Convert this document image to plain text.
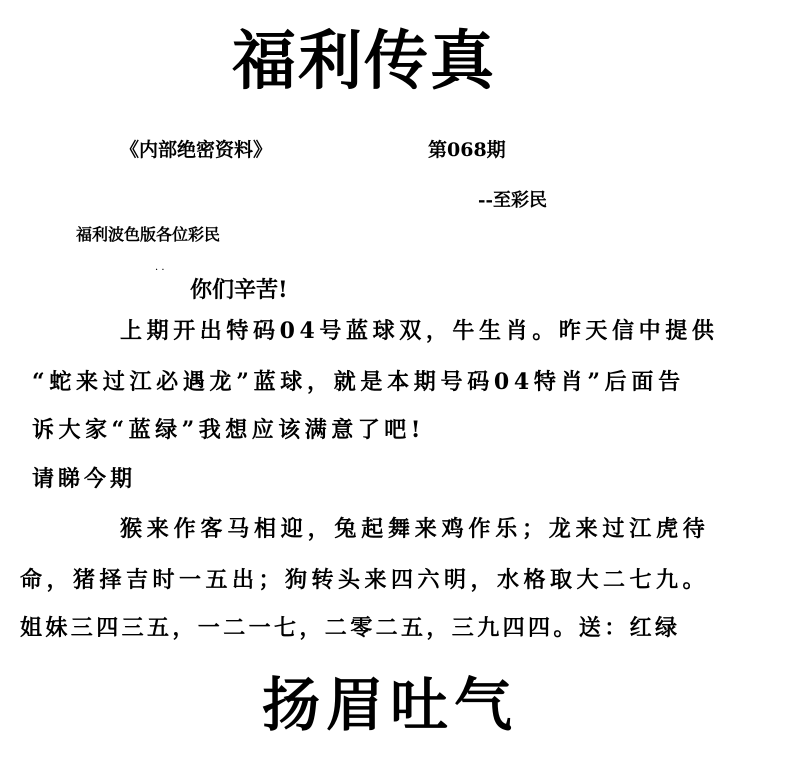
福利传真
《内部绝密资料》	第068期
--至彩民
福利波色版各位彩民
· ·
你们辛苦!
上期开出特码04号蓝球双，牛生肖。昨天信中提供
“蛇来过江必遇龙”蓝球，就是本期号码04特肖”后面告
诉大家“蓝绿”我想应该满意了吧!
请睇今期
猴来作客马相迎，兔起舞来鸡作乐；龙来过江虎待
命，猪择吉时一五出；狗转头来四六明，水格取大二七九。
姐妹三四三五，一二一七，二零二五，三九四四。送：红绿
扬眉吐气
